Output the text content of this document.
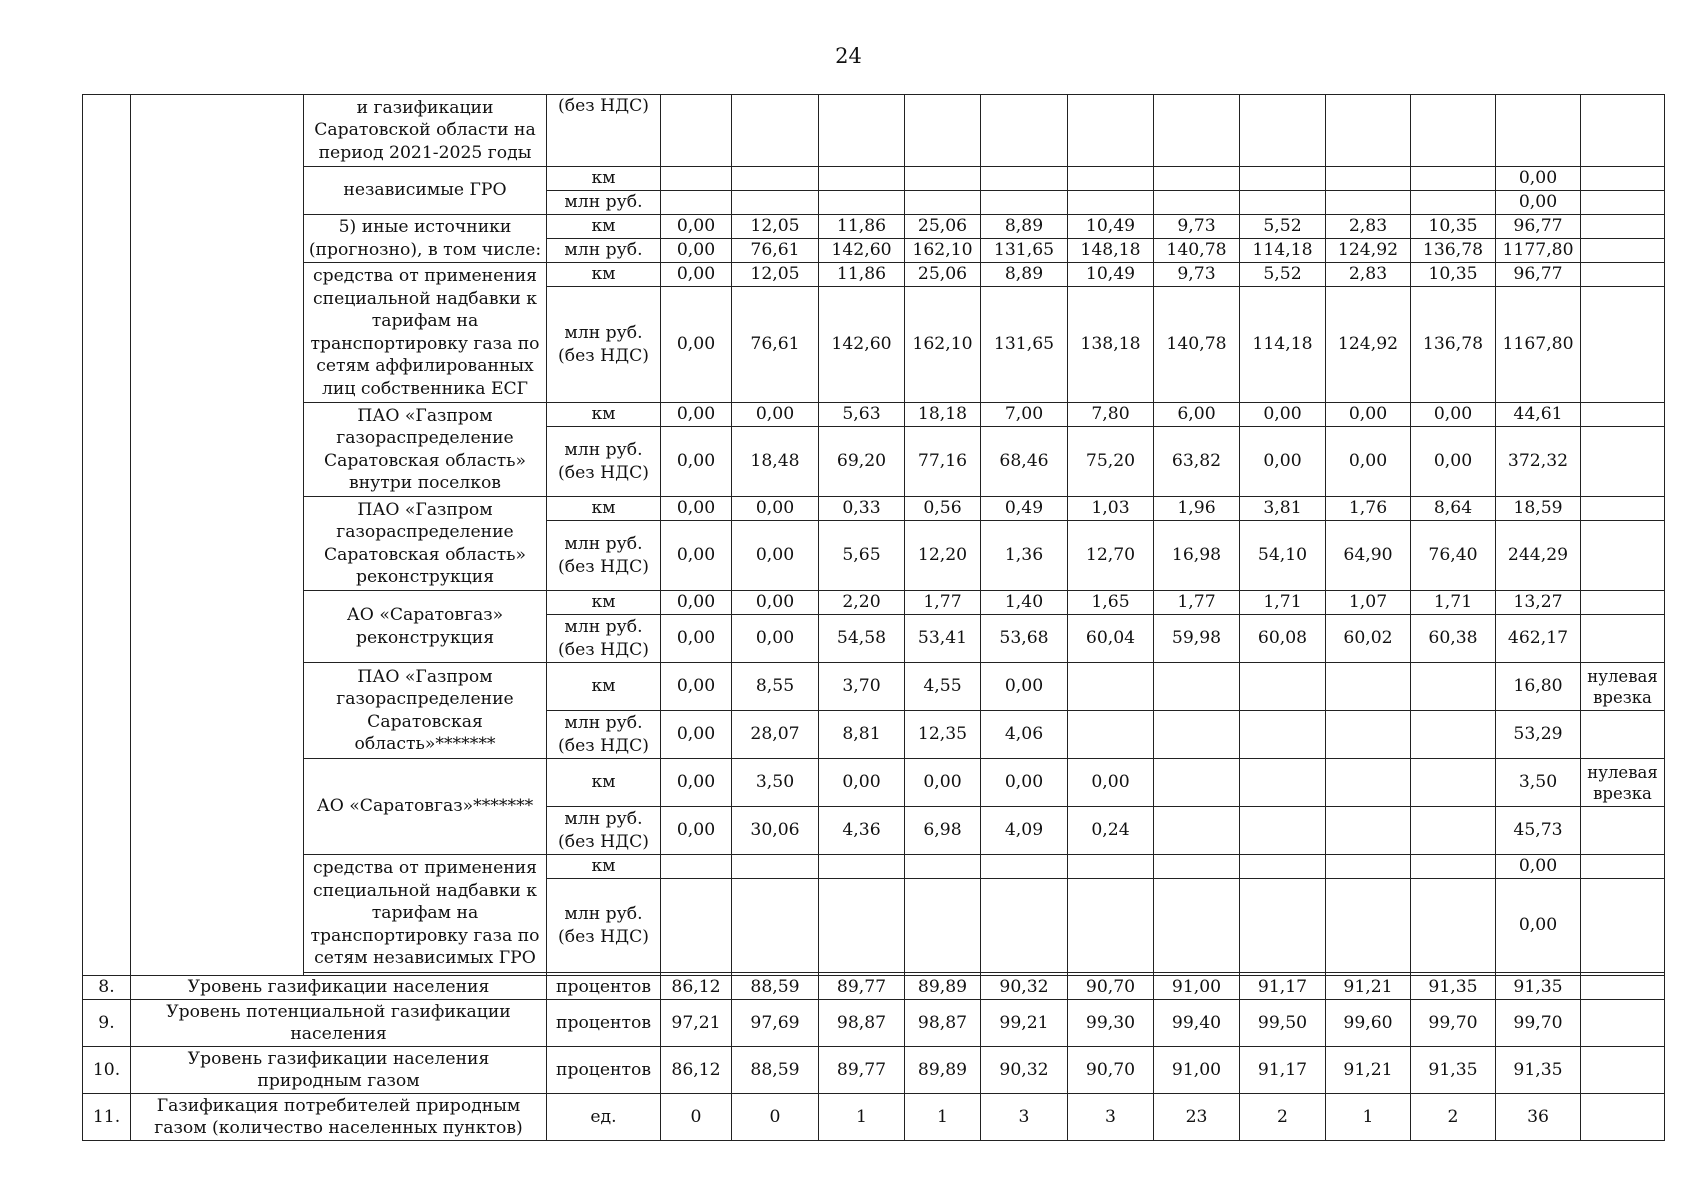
24
		и газификации Саратовской области на период 2021-2025 годы	(без НДС)												
		независимые ГРО	км											0,00	
			млн руб.											0,00	
		5) иные источники (прогнозно), в том числе:	км	0,00	12,05	11,86	25,06	8,89	10,49	9,73	5,52	2,83	10,35	96,77	
			млн руб.	0,00	76,61	142,60	162,10	131,65	148,18	140,78	114,18	124,92	136,78	1177,80	
		средства от применения специальной надбавки к тарифам на транспортировку газа по сетям аффилированных лиц собственника ЕСГ	км	0,00	12,05	11,86	25,06	8,89	10,49	9,73	5,52	2,83	10,35	96,77	
			млн руб. (без НДС)	0,00	76,61	142,60	162,10	131,65	138,18	140,78	114,18	124,92	136,78	1167,80	
		ПАО «Газпром газораспределение Саратовская область» внутри поселков	км	0,00	0,00	5,63	18,18	7,00	7,80	6,00	0,00	0,00	0,00	44,61	
			млн руб. (без НДС)	0,00	18,48	69,20	77,16	68,46	75,20	63,82	0,00	0,00	0,00	372,32	
		ПАО «Газпром газораспределение Саратовская область» реконструкция	км	0,00	0,00	0,33	0,56	0,49	1,03	1,96	3,81	1,76	8,64	18,59	
			млн руб. (без НДС)	0,00	0,00	5,65	12,20	1,36	12,70	16,98	54,10	64,90	76,40	244,29	
		АО «Саратовгаз» реконструкция	км	0,00	0,00	2,20	1,77	1,40	1,65	1,77	1,71	1,07	1,71	13,27	
			млн руб. (без НДС)	0,00	0,00	54,58	53,41	53,68	60,04	59,98	60,08	60,02	60,38	462,17	
		ПАО «Газпром газораспределение Саратовская область»*******	км	0,00	8,55	3,70	4,55	0,00						16,80	нулевая врезка
			млн руб. (без НДС)	0,00	28,07	8,81	12,35	4,06						53,29	
		АО «Саратовгаз»*******	км	0,00	3,50	0,00	0,00	0,00	0,00					3,50	нулевая врезка
			млн руб. (без НДС)	0,00	30,06	4,36	6,98	4,09	0,24					45,73	
		средства от применения специальной надбавки к тарифам на транспортировку газа по сетям независимых ГРО	км											0,00	
			млн руб. (без НДС)											0,00	

8.	Уровень газификации населения		процентов	86,12	88,59	89,77	89,89	90,32	90,70	91,00	91,17	91,21	91,35	91,35	
9.	Уровень потенциальной газификации населения		процентов	97,21	97,69	98,87	98,87	99,21	99,30	99,40	99,50	99,60	99,70	99,70	
10.	Уровень газификации населения природным газом		процентов	86,12	88,59	89,77	89,89	90,32	90,70	91,00	91,17	91,21	91,35	91,35	
11.	Газификация потребителей природным газом (количество населенных пунктов)		ед.	0	0	1	1	3	3	23	2	1	2	36	
